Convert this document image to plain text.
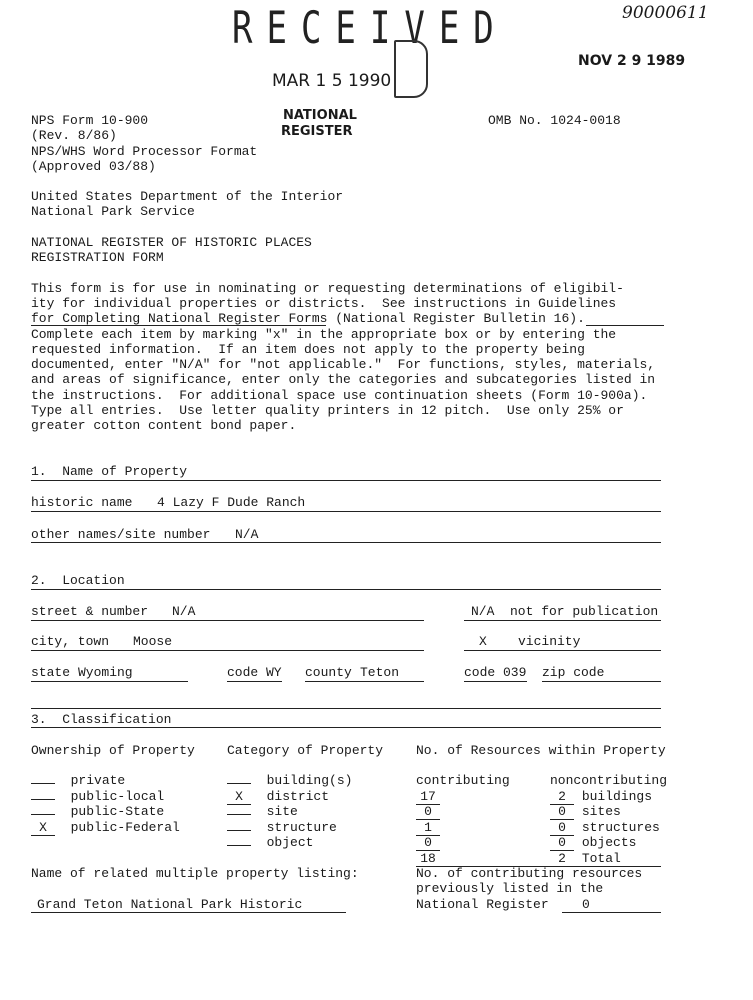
90000611
RECEIVED
MAR 1 5 1990
NATIONAL
REGISTER
NOV 2 9 1989
NPS Form 10-900
(Rev. 8/86)
NPS/WHS Word Processor Format
(Approved 03/88)
OMB No. 1024-0018
United States Department of the Interior
National Park Service
NATIONAL REGISTER OF HISTORIC PLACES
REGISTRATION FORM
This form is for use in nominating or requesting determinations of eligibil-
ity for individual properties or districts.  See instructions in Guidelines
for Completing National Register Forms (National Register Bulletin 16).
Complete each item by marking "x" in the appropriate box or by entering the
requested information.  If an item does not apply to the property being
documented, enter "N/A" for "not applicable."  For functions, styles, materials,
and areas of significance, enter only the categories and subcategories listed in
the instructions.  For additional space use continuation sheets (Form 10-900a).
Type all entries.  Use letter quality printers in 12 pitch.  Use only 25% or
greater cotton content bond paper.
1.  Name of Property
historic name 4 Lazy F Dude Ranch
other names/site number N/A
2.  Location
street & number N/A	N/A not for publication
city, town Moose	X vicinity
state Wyoming	code WY county Teton	code 039 zip code
3.  Classification
Ownership of Property Category of Property	No. of Resources within Property
private
public-local
public-State
X public-Federal
building(s)
X district
site
structure
object
contributing	noncontributing
17	2 buildings
0	0 sites
1	0 structures
0	0 objects
18	2 Total
Name of related multiple property listing:
Grand Teton National Park Historic
No. of contributing resources
previously listed in the
National Register	0
